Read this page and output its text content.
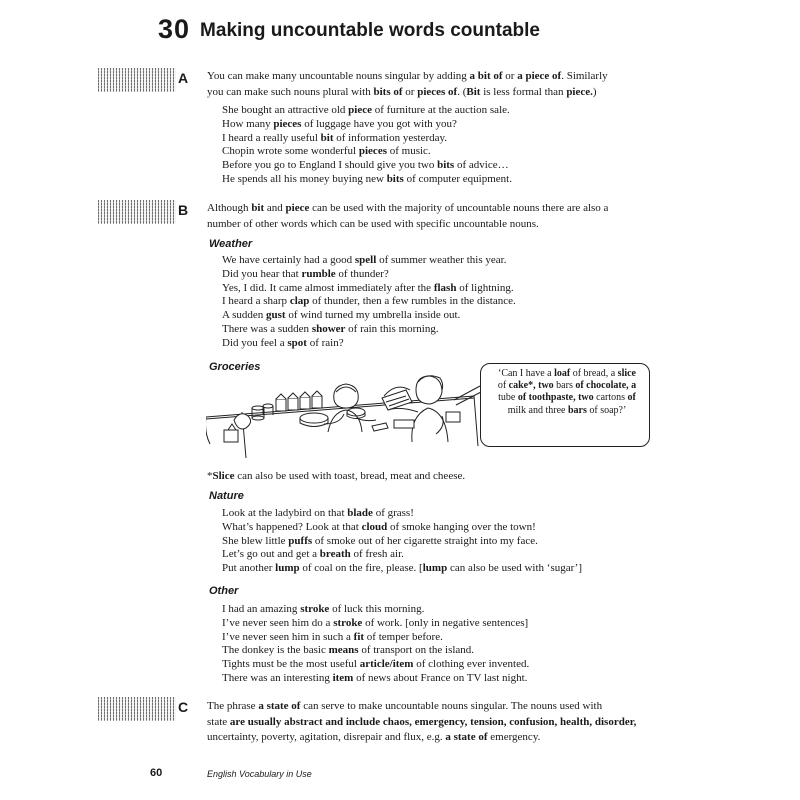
30 Making uncountable words countable
A You can make many uncountable nouns singular by adding a bit of or a piece of. Similarly
you can make such nouns plural with bits of or pieces of. (Bit is less formal than piece.)
She bought an attractive old piece of furniture at the auction sale.
How many pieces of luggage have you got with you?
I heard a really useful bit of information yesterday.
Chopin wrote some wonderful pieces of music.
Before you go to England I should give you two bits of advice…
He spends all his money buying new bits of computer equipment.
B Although bit and piece can be used with the majority of uncountable nouns there are also a
number of other words which can be used with specific uncountable nouns.
Weather
We have certainly had a good spell of summer weather this year.
Did you hear that rumble of thunder?
Yes, I did. It came almost immediately after the flash of lightning.
I heard a sharp clap of thunder, then a few rumbles in the distance.
A sudden gust of wind turned my umbrella inside out.
There was a sudden shower of rain this morning.
Did you feel a spot of rain?
Groceries
‘Can I have a loaf of bread, a slice
of cake*, two bars of chocolate, a
tube of toothpaste, two cartons of
milk and three bars of soap?’
*Slice can also be used with toast, bread, meat and cheese.
Nature
Look at the ladybird on that blade of grass!
What’s happened? Look at that cloud of smoke hanging over the town!
She blew little puffs of smoke out of her cigarette straight into my face.
Let’s go out and get a breath of fresh air.
Put another lump of coal on the fire, please. [lump can also be used with ‘sugar’]
Other
I had an amazing stroke of luck this morning.
I’ve never seen him do a stroke of work. [only in negative sentences]
I’ve never seen him in such a fit of temper before.
The donkey is the basic means of transport on the island.
Tights must be the most useful article/item of clothing ever invented.
There was an interesting item of news about France on TV last night.
C The phrase a state of can serve to make uncountable nouns singular. The nouns used with
state are usually abstract and include chaos, emergency, tension, confusion, health, disorder,
uncertainty, poverty, agitation, disrepair and flux, e.g. a state of emergency.
60	English Vocabulary in Use
